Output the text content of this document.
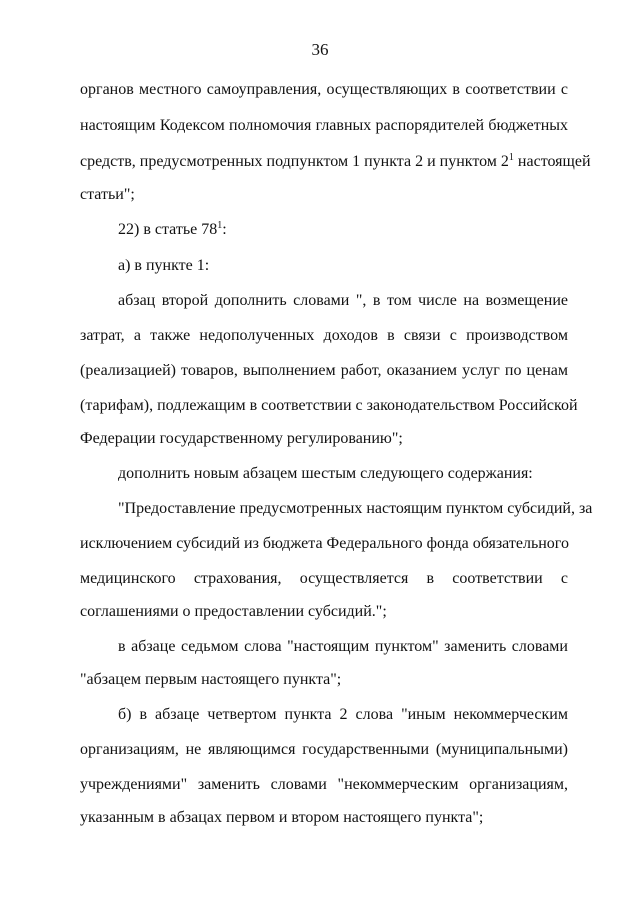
36
органов местного самоуправления, осуществляющих в соответствии с
настоящим Кодексом полномочия главных распорядителей бюджетных
средств, предусмотренных подпунктом 1 пункта 2 и пунктом $2^1$ настоящей
статьи";
22) в статье $78^1$:
а) в пункте 1:
абзац второй дополнить словами ", в том числе на возмещение
затрат, а также недополученных доходов в связи с производством
(реализацией) товаров, выполнением работ, оказанием услуг по ценам
(тарифам), подлежащим в соответствии с законодательством Российской
Федерации государственному регулированию";
дополнить новым абзацем шестым следующего содержания:
"Предоставление предусмотренных настоящим пунктом субсидий, за
исключением субсидий из бюджета Федерального фонда обязательного
медицинского страхования, осуществляется в соответствии с
соглашениями о предоставлении субсидий.";
в абзаце седьмом слова "настоящим пунктом" заменить словами
"абзацем первым настоящего пункта";
б) в абзаце четвертом пункта 2 слова "иным некоммерческим
организациям, не являющимся государственными (муниципальными)
учреждениями" заменить словами "некоммерческим организациям,
указанным в абзацах первом и втором настоящего пункта";
